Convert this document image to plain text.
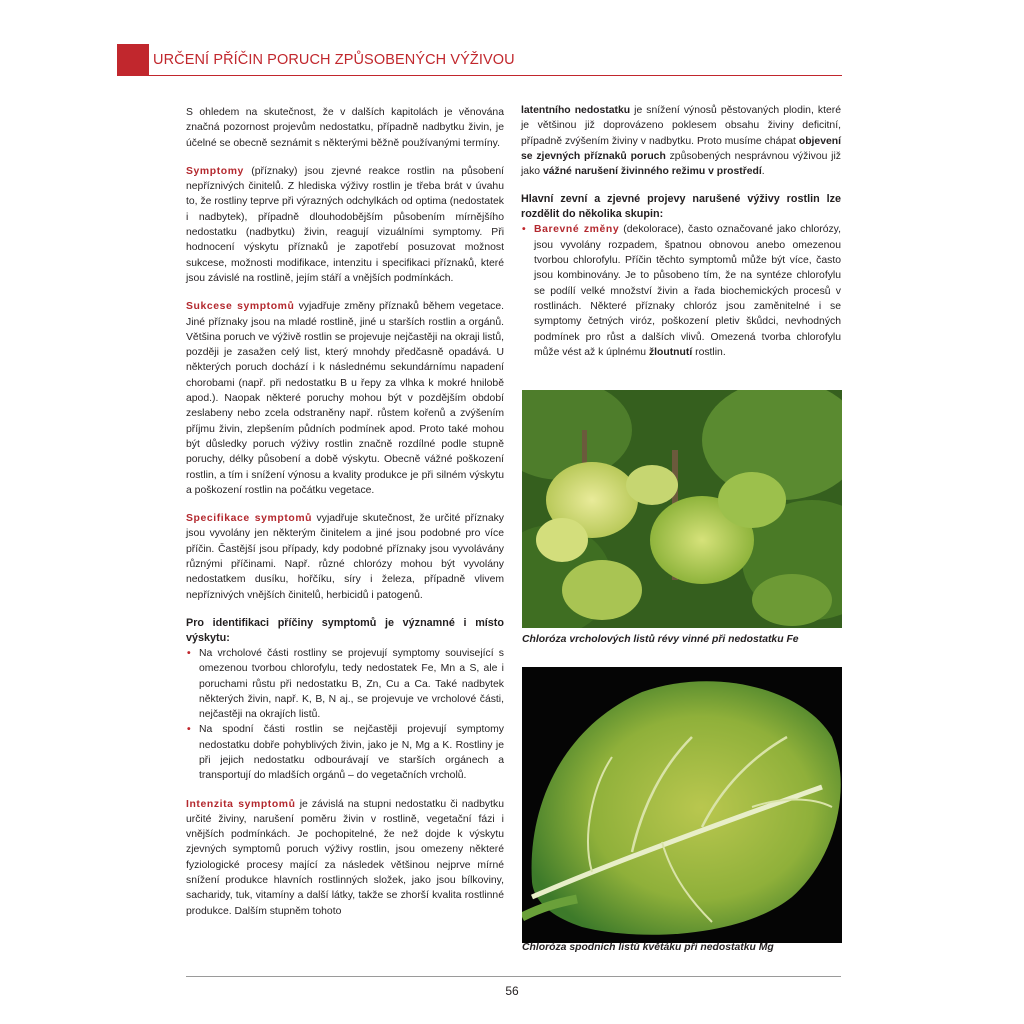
URČENÍ PŘÍČIN PORUCH ZPŮSOBENÝCH VÝŽIVOU

S ohledem na skutečnost, že v dalších kapitolách je věnována značná pozornost projevům nedostatku, případně nadbytku živin, je účelné se obecně seznámit s některými běžně používanými termíny.

Symptomy (příznaky) jsou zjevné reakce rostlin na působení nepříznivých činitelů. Z hlediska výživy rostlin je třeba brát v úvahu to, že rostliny teprve při výrazných odchylkách od optima (nedostatek i nadbytek), případně dlouhodobějším působením mírnějšího nedostatku (nadbytku) živin, reagují vizuálními symptomy. Při hodnocení výskytu příznaků je zapotřebí posuzovat možnost sukcese, možnosti modifikace, intenzitu i specifikaci příznaků, které jsou závislé na rostlině, jejím stáří a vnějších podmínkách.

Sukcese symptomů vyjadřuje změny příznaků během vegetace. Jiné příznaky jsou na mladé rostlině, jiné u starších rostlin a orgánů. Většina poruch ve výživě rostlin se projevuje nejčastěji na okraji listů, později je zasažen celý list, který mnohdy předčasně opadává. U některých poruch dochází i k následnému sekundárnímu napadení chorobami (např. při nedostatku B u řepy za vlhka k mokré hnilobě apod.). Naopak některé poruchy mohou být v pozdějším období zeslabeny nebo zcela odstraněny např. růstem kořenů a zvýšením příjmu živin, zlepšením půdních podmínek apod. Proto také mohou být důsledky poruch výživy rostlin značně rozdílné podle stupně poruchy, délky působení a době výskytu. Obecně vážné poškození rostlin, a tím i snížení výnosu a kvality produkce je při silném výskytu a poškození rostlin na počátku vegetace.

Specifikace symptomů vyjadřuje skutečnost, že určité příznaky jsou vyvolány jen některým činitelem a jiné jsou podobné pro více příčin. Častější jsou případy, kdy podobné příznaky jsou vyvolávány různými příčinami. Např. různé chlorózy mohou být vyvolány nedostatkem dusíku, hořčíku, síry i železa, případně vlivem nepříznivých vnějších činitelů, herbicidů i patogenů.

Pro identifikaci příčiny symptomů je významné i místo výskytu:
• Na vrcholové části rostliny se projevují symptomy související s omezenou tvorbou chlorofylu, tedy nedostatek Fe, Mn a S, ale i poruchami růstu při nedostatku B, Zn, Cu a Ca. Také nadbytek některých živin, např. K, B, N aj., se projevuje ve vrcholové části, nejčastěji na okrajích listů.
• Na spodní části rostlin se nejčastěji projevují symptomy nedostatku dobře pohyblivých živin, jako je N, Mg a K. Rostliny je při jejich nedostatku odbourávají ve starších orgánech a transportují do mladších orgánů – do vegetačních vrcholů.

Intenzita symptomů je závislá na stupni nedostatku či nadbytku určité živiny, narušení poměru živin v rostlině, vegetační fázi i vnějších podmínkách. Je pochopitelné, že než dojde k výskytu zjevných symptomů poruch výživy rostlin, jsou omezeny některé fyziologické procesy mající za následek většinou nejprve mírné snížení produkce hlavních rostlinných složek, jako jsou bílkoviny, sacharidy, tuk, vitamíny a další látky, takže se zhorší kvalita rostlinné produkce. Dalším stupněm tohoto

latentního nedostatku je snížení výnosů pěstovaných plodin, které je většinou již doprovázeno poklesem obsahu živiny deficitní, případně zvýšením živiny v nadbytku. Proto musíme chápat objevení se zjevných příznaků poruch způsobených nesprávnou výživou již jako vážné narušení živinného režimu v prostředí.

Hlavní zevní a zjevné projevy narušené výživy rostlin lze rozdělit do několika skupin:
• Barevné změny (dekolorace), často označované jako chlorózy, jsou vyvolány rozpadem, špatnou obnovou anebo omezenou tvorbou chlorofylu. Příčin těchto symptomů může být více, často jsou kombinovány. Je to působeno tím, že na syntéze chlorofylu se podílí velké množství živin a řada biochemických procesů v rostlinách. Některé příznaky chloróz jsou zaměnitelné i se symptomy četných viróz, poškození pletiv škůdci, nevhodných podmínek pro růst a dalších vlivů. Omezená tvorba chlorofylu může vést až k úplnému žloutnutí rostlin.
Chloróza vrcholových listů révy vinné při nedostatku Fe
Chloróza spodních listů květáku při nedostatku Mg
56
